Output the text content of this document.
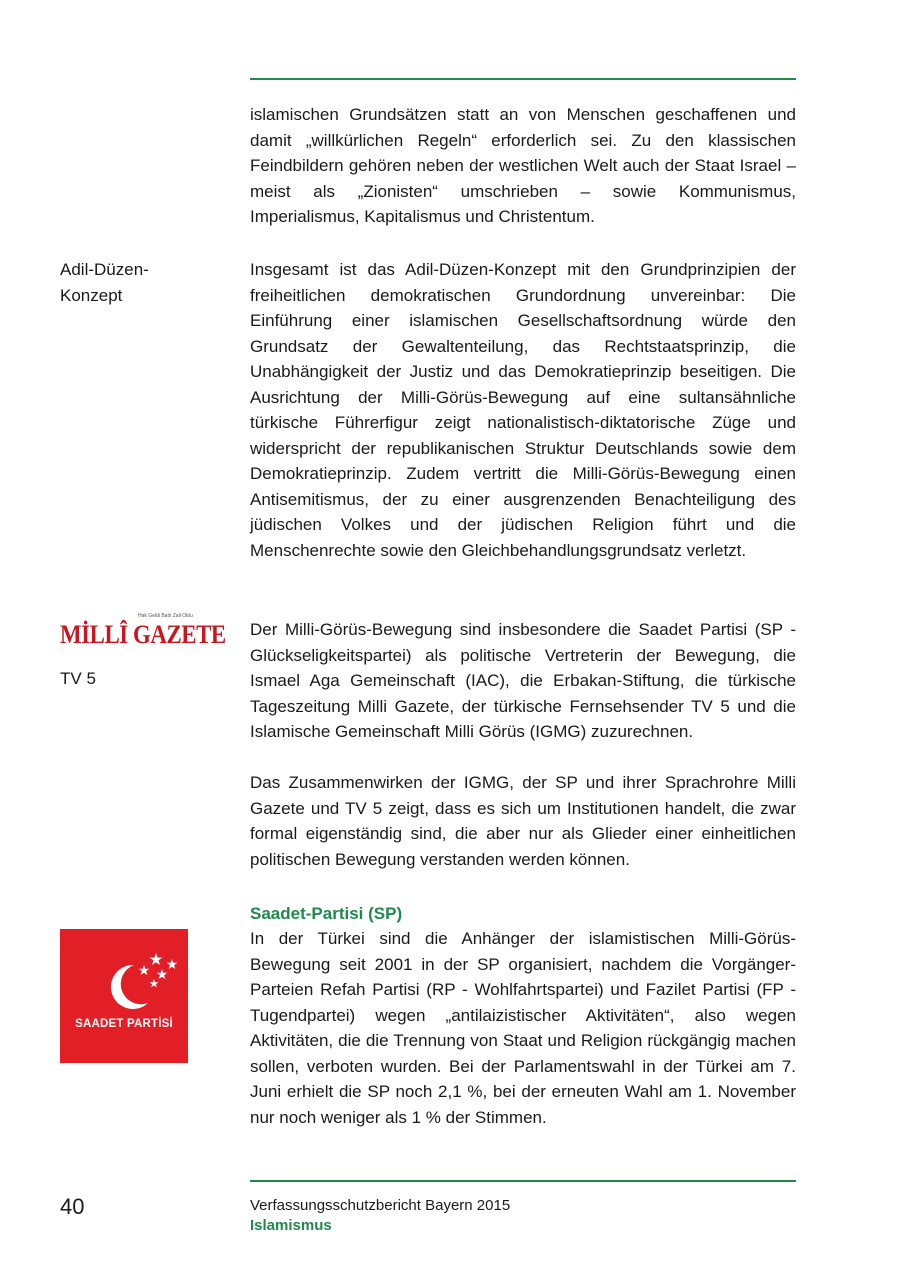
islamischen Grundsätzen statt an von Menschen geschaffenen und damit „willkürlichen Regeln“ erforderlich sei. Zu den klassischen Feindbildern gehören neben der westlichen Welt auch der Staat Israel – meist als „Zionisten“ umschrieben – sowie Kommunismus, Imperialismus, Kapitalismus und Christentum.

Adil-Düzen-
Konzept

Insgesamt ist das Adil-Düzen-Konzept mit den Grundprinzipien der freiheitlichen demokratischen Grundordnung unvereinbar: Die Einführung einer islamischen Gesellschaftsordnung würde den Grundsatz der Gewaltenteilung, das Rechtstaatsprinzip, die Unabhängigkeit der Justiz und das Demokratieprinzip beseitigen. Die Ausrichtung der Milli-Görüs-Bewegung auf eine sultansähnliche türkische Führerfigur zeigt nationalistisch-diktatorische Züge und widerspricht der republikanischen Struktur Deutschlands sowie dem Demokratieprinzip. Zudem vertritt die Milli-Görüs-Bewegung einen Antisemitismus, der zu einer ausgrenzenden Benachteiligung des jüdischen Volkes und der jüdischen Religion führt und die Menschenrechte sowie den Gleichbehandlungsgrundsatz verletzt.

Hak Geldi Batıl Zail Oldu
MİLLÎ GAZETE

TV 5

Der Milli-Görüs-Bewegung sind insbesondere die Saadet Partisi (SP - Glückseligkeitspartei) als politische Vertreterin der Bewegung, die Ismael Aga Gemeinschaft (IAC), die Erbakan-Stiftung, die türkische Tageszeitung Milli Gazete, der türkische Fernsehsender TV 5 und die Islamische Gemeinschaft Milli Görüs (IGMG) zuzurechnen.

Das Zusammenwirken der IGMG, der SP und ihrer Sprachrohre Milli Gazete und TV 5 zeigt, dass es sich um Institutionen handelt, die zwar formal eigenständig sind, die aber nur als Glieder einer einheitlichen politischen Bewegung verstanden werden können.

Saadet-Partisi (SP)

SAADET PARTİSİ

In der Türkei sind die Anhänger der islamistischen Milli-Görüs-Bewegung seit 2001 in der SP organisiert, nachdem die Vorgänger-Parteien Refah Partisi (RP - Wohlfahrtspartei) und Fazilet Partisi (FP - Tugendpartei) wegen „antilaizistischer Aktivitäten“, also wegen Aktivitäten, die die Trennung von Staat und Religion rückgängig machen sollen, verboten wurden. Bei der Parlamentswahl in der Türkei am 7. Juni erhielt die SP noch 2,1 %, bei der erneuten Wahl am 1. November nur noch weniger als 1 % der Stimmen.

40	Verfassungsschutzbericht Bayern 2015

Islamismus
